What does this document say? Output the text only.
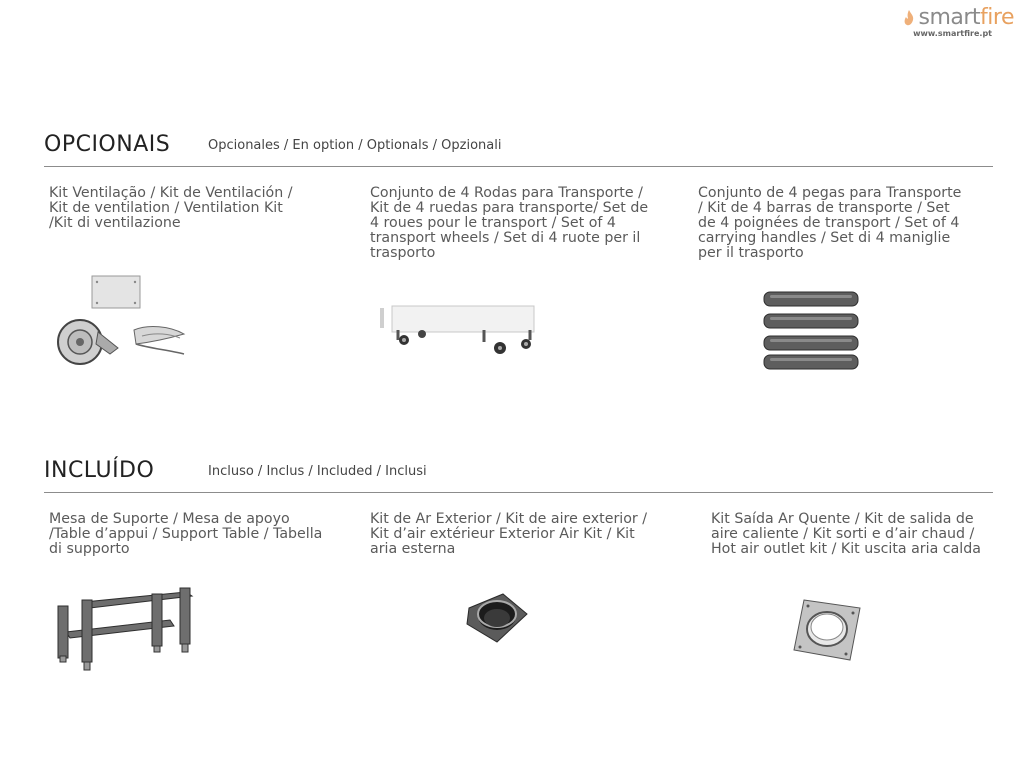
smartfire
www.smartfire.pt
OPCIONAIS	Opcionales / En option / Optionals / Opzionali
Kit Ventilação / Kit de Ventilación / Kit de ventilation / Ventilation Kit /Kit di ventilazione
Conjunto de 4 Rodas para Transporte / Kit de 4 ruedas para transporte/ Set de 4 roues pour le transport / Set of 4 transport wheels / Set di 4 ruote per il trasporto
Conjunto de 4 pegas para Transporte / Kit de 4 barras de transporte / Set de 4 poignées de transport / Set of 4 carrying handles / Set di 4 maniglie per il trasporto
INCLUÍDO	Incluso / Inclus / Included / Inclusi
Mesa de Suporte / Mesa de apoyo /Table d’appui / Support Table / Tabella di supporto
Kit de Ar Exterior / Kit de aire exterior / Kit d’air extérieur Exterior Air Kit / Kit aria esterna
Kit Saída Ar Quente / Kit de salida de aire caliente / Kit sorti e d’air chaud / Hot air outlet kit / Kit uscita aria calda
